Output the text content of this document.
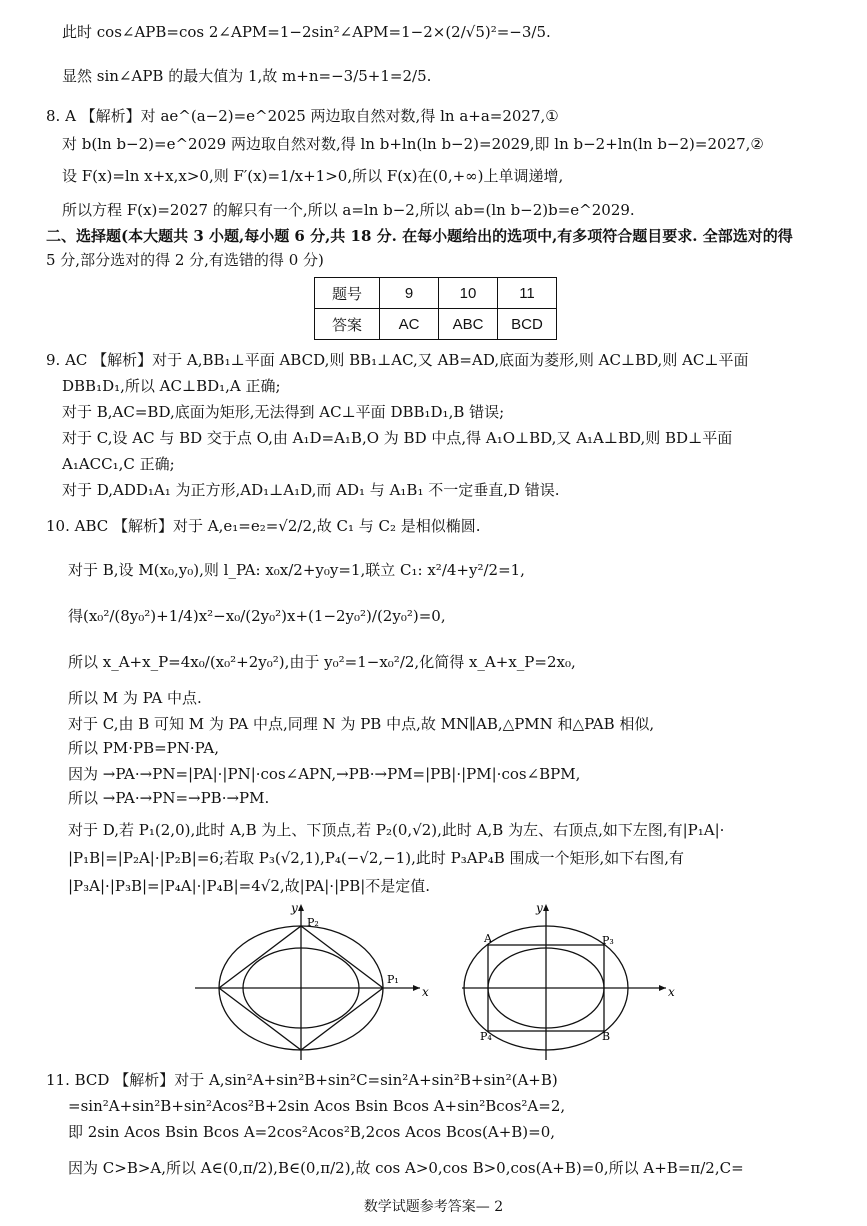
此时 cos∠APB=cos 2∠APM=1−2sin²∠APM=1−2×(2/√5)²=−3/5.
显然 sin∠APB 的最大值为 1,故 m+n=−3/5+1=2/5.
8. A 【解析】对 ae^(a−2)=e^2025 两边取自然对数,得 ln a+a=2027,①
对 b(ln b−2)=e^2029 两边取自然对数,得 ln b+ln(ln b−2)=2029,即 ln b−2+ln(ln b−2)=2027,②
设 F(x)=ln x+x,x>0,则 F′(x)=1/x+1>0,所以 F(x)在(0,+∞)上单调递增,
所以方程 F(x)=2027 的解只有一个,所以 a=ln b−2,所以 ab=(ln b−2)b=e^2029.
二、选择题(本大题共 3 小题,每小题 6 分,共 18 分. 在每小题给出的选项中,有多项符合题目要求. 全部选对的得
5 分,部分选对的得 2 分,有选错的得 0 分)
题号	9	10	11
答案	AC	ABC	BCD
9. AC 【解析】对于 A,BB₁⊥平面 ABCD,则 BB₁⊥AC,又 AB=AD,底面为菱形,则 AC⊥BD,则 AC⊥平面
DBB₁D₁,所以 AC⊥BD₁,A 正确;
对于 B,AC=BD,底面为矩形,无法得到 AC⊥平面 DBB₁D₁,B 错误;
对于 C,设 AC 与 BD 交于点 O,由 A₁D=A₁B,O 为 BD 中点,得 A₁O⊥BD,又 A₁A⊥BD,则 BD⊥平面
A₁ACC₁,C 正确;
对于 D,ADD₁A₁ 为正方形,AD₁⊥A₁D,而 AD₁ 与 A₁B₁ 不一定垂直,D 错误.
10. ABC 【解析】对于 A,e₁=e₂=√2/2,故 C₁ 与 C₂ 是相似椭圆.
对于 B,设 M(x₀,y₀),则 l_PA: x₀x/2+y₀y=1,联立 C₁: x²/4+y²/2=1,
得(x₀²/(8y₀²)+1/4)x²−x₀/(2y₀²)x+(1−2y₀²)/(2y₀²)=0,
所以 x_A+x_P=4x₀/(x₀²+2y₀²),由于 y₀²=1−x₀²/2,化简得 x_A+x_P=2x₀,
所以 M 为 PA 中点.
对于 C,由 B 可知 M 为 PA 中点,同理 N 为 PB 中点,故 MN∥AB,△PMN 和△PAB 相似,
所以 PM·PB=PN·PA,
因为 →PA·→PN=|PA|·|PN|·cos∠APN,→PB·→PM=|PB|·|PM|·cos∠BPM,
所以 →PA·→PN=→PB·→PM.
对于 D,若 P₁(2,0),此时 A,B 为上、下顶点,若 P₂(0,√2),此时 A,B 为左、右顶点,如下左图,有|P₁A|·
|P₁B|=|P₂A|·|P₂B|=6;若取 P₃(√2,1),P₄(−√2,−1),此时 P₃AP₄B 围成一个矩形,如下右图,有
|P₃A|·|P₃B|=|P₄A|·|P₄B|=4√2,故|PA|·|PB|不是定值.
x
y
P₂
P₁
x
y
A	P₃
P₄	B
11. BCD 【解析】对于 A,sin²A+sin²B+sin²C=sin²A+sin²B+sin²(A+B)
=sin²A+sin²B+sin²Acos²B+2sin Acos Bsin Bcos A+sin²Bcos²A=2,
即 2sin Acos Bsin Bcos A=2cos²Acos²B,2cos Acos Bcos(A+B)=0,
因为 C>B>A,所以 A∈(0,π/2),B∈(0,π/2),故 cos A>0,cos B>0,cos(A+B)=0,所以 A+B=π/2,C=
数学试题参考答案— 2
